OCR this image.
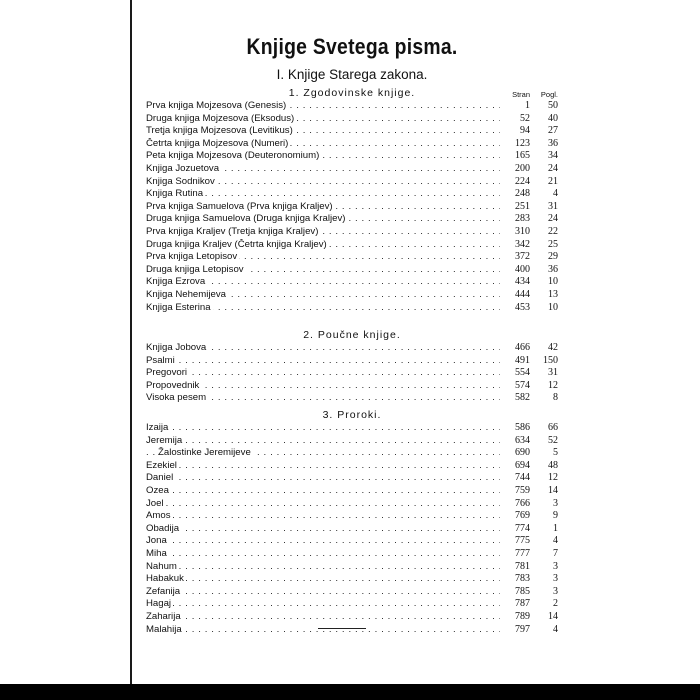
Knjige Svetega pisma.
I. Knjige Starega zakona.
1. Zgodovinske knjige.	Stran Pogl.
Prva knjiga Mojzesova (Genesis) . . .	1	50
Druga knjiga Mojzesova (Eksodus) . . .	52	40
Tretja knjiga Mojzesova (Levitikus) . . .	94	27
Četrta knjiga Mojzesova (Numeri) . . .	123	36
Peta knjiga Mojzesova (Deuteronomium) . . .	165	34
Knjiga Jozuetova . . .	200	24
Knjiga Sodnikov . . .	224	21
Knjiga Rutina . . .	248	4
Prva knjiga Samuelova (Prva knjiga Kraljev) . . .	251	31
Druga knjiga Samuelova (Druga knjiga Kraljev) . . .	283	24
Prva knjiga Kraljev (Tretja knjiga Kraljev) . . .	310	22
Druga knjiga Kraljev (Četrta knjiga Kraljev) . . .	342	25
Prva knjiga Letopisov . . .	372	29
Druga knjiga Letopisov . . .	400	36
Knjiga Ezrova . . .	434	10
Knjiga Nehemijeva . . .	444	13
Knjiga Esterina . . .	453	10
2. Poučne knjige.
Knjiga Jobova . . .	466	42
Psalmi . . .	491	150
Pregovori . . .	554	31
Propovednik . . .	574	12
Visoka pesem . . .	582	8
3. Proroki.
Izaija . . .	586	66
Jeremija . . .	634	52
Žalostinke Jeremijeve . . .	690	5
Ezekiel . . .	694	48
Daniel . . .	744	12
Ozea . . .	759	14
Joel . . .	766	3
Amos . . .	769	9
Obadija . . .	774	1
Jona . . .	775	4
Miha . . .	777	7
Nahum . . .	781	3
Habakuk . . .	783	3
Zefanija . . .	785	3
Hagaj . . .	787	2
Zaharija . . .	789	14
Malahija . . .	797	4
